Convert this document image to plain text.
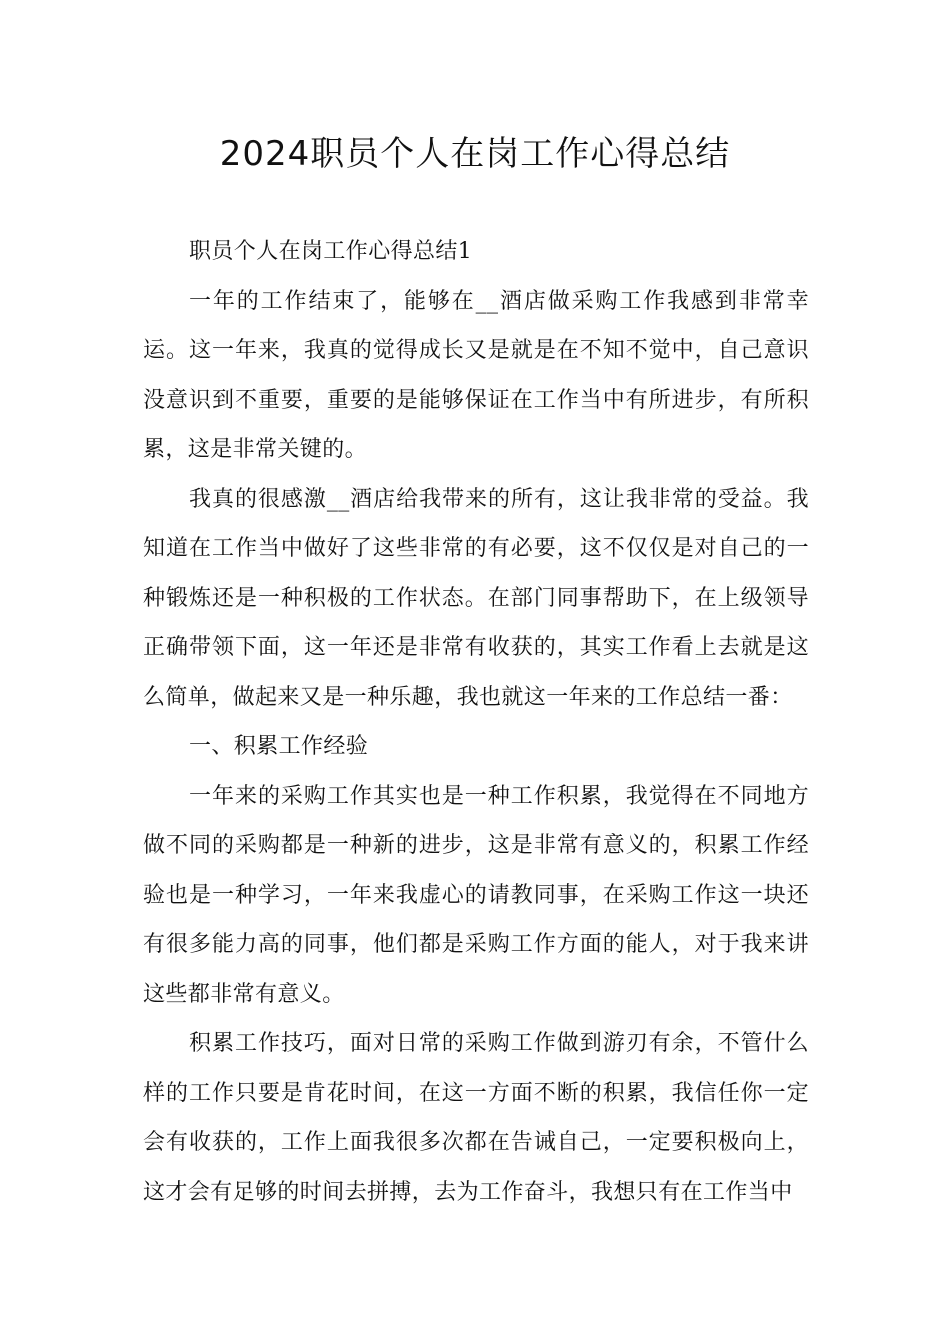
2024职员个人在岗工作心得总结

职员个人在岗工作心得总结1

一年的工作结束了，能够在__酒店做采购工作我感到非常幸运。这一年来，我真的觉得成长又是就是在不知不觉中，自己意识没意识到不重要，重要的是能够保证在工作当中有所进步，有所积累，这是非常关键的。

我真的很感激__酒店给我带来的所有，这让我非常的受益。我知道在工作当中做好了这些非常的有必要，这不仅仅是对自己的一种锻炼还是一种积极的工作状态。在部门同事帮助下，在上级领导正确带领下面，这一年还是非常有收获的，其实工作看上去就是这么简单，做起来又是一种乐趣，我也就这一年来的工作总结一番：

一、积累工作经验

一年来的采购工作其实也是一种工作积累，我觉得在不同地方做不同的采购都是一种新的进步，这是非常有意义的，积累工作经验也是一种学习，一年来我虚心的请教同事，在采购工作这一块还有很多能力高的同事，他们都是采购工作方面的能人，对于我来讲这些都非常有意义。

积累工作技巧，面对日常的采购工作做到游刃有余，不管什么样的工作只要是肯花时间，在这一方面不断的积累，我信任你一定会有收获的，工作上面我很多次都在告诫自己，一定要积极向上，这才会有足够的时间去拼搏，去为工作奋斗，我想只有在工作当中
